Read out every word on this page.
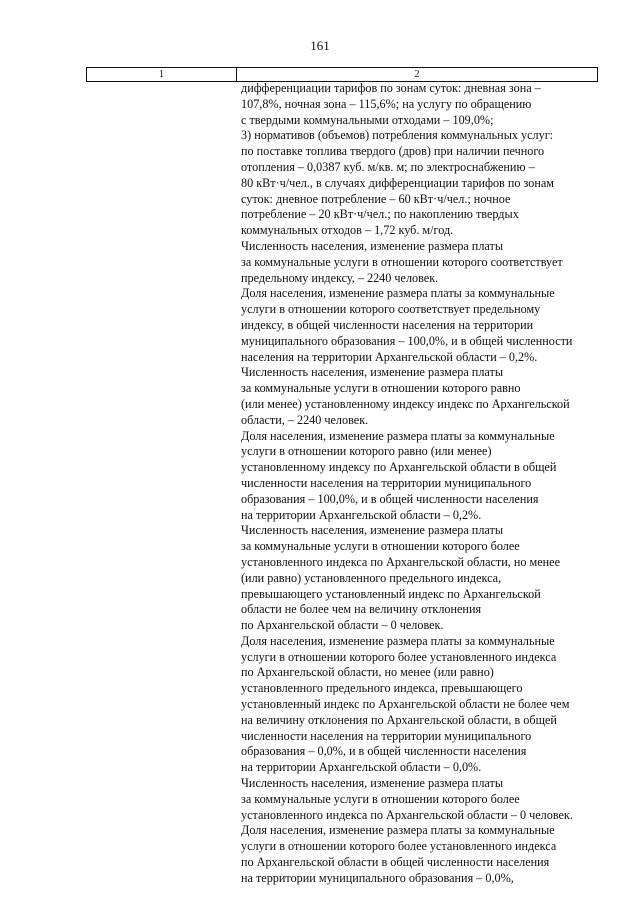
161
1	2
дифференциации тарифов по зонам суток: дневная зона –
107,8%, ночная зона – 115,6%; на услугу по обращению
с твердыми коммунальными отходами – 109,0%;
3) нормативов (объемов) потребления коммунальных услуг:
по поставке топлива твердого (дров) при наличии печного
отопления – 0,0387 куб. м/кв. м; по электроснабжению –
80 кВт·ч/чел., в случаях дифференциации тарифов по зонам
суток: дневное потребление – 60 кВт·ч/чел.; ночное
потребление – 20 кВт·ч/чел.; по накоплению твердых
коммунальных отходов – 1,72 куб. м/год.
Численность населения, изменение размера платы
за коммунальные услуги в отношении которого соответствует
предельному индексу, – 2240 человек.
Доля населения, изменение размера платы за коммунальные
услуги в отношении которого соответствует предельному
индексу, в общей численности населения на территории
муниципального образования – 100,0%, и в общей численности
населения на территории Архангельской области – 0,2%.
Численность населения, изменение размера платы
за коммунальные услуги в отношении которого равно
(или менее) установленному индексу индекс по Архангельской
области, – 2240 человек.
Доля населения, изменение размера платы за коммунальные
услуги в отношении которого равно (или менее)
установленному индексу по Архангельской области в общей
численности населения на территории муниципального
образования – 100,0%, и в общей численности населения
на территории Архангельской области – 0,2%.
Численность населения, изменение размера платы
за коммунальные услуги в отношении которого более
установленного индекса по Архангельской области, но менее
(или равно) установленного предельного индекса,
превышающего установленный индекс по Архангельской
области не более чем на величину отклонения
по Архангельской области – 0 человек.
Доля населения, изменение размера платы за коммунальные
услуги в отношении которого более установленного индекса
по Архангельской области, но менее (или равно)
установленного предельного индекса, превышающего
установленный индекс по Архангельской области не более чем
на величину отклонения по Архангельской области, в общей
численности населения на территории муниципального
образования – 0,0%, и в общей численности населения
на территории Архангельской области – 0,0%.
Численность населения, изменение размера платы
за коммунальные услуги в отношении которого более
установленного индекса по Архангельской области – 0 человек.
Доля населения, изменение размера платы за коммунальные
услуги в отношении которого более установленного индекса
по Архангельской области в общей численности населения
на территории муниципального образования – 0,0%,
